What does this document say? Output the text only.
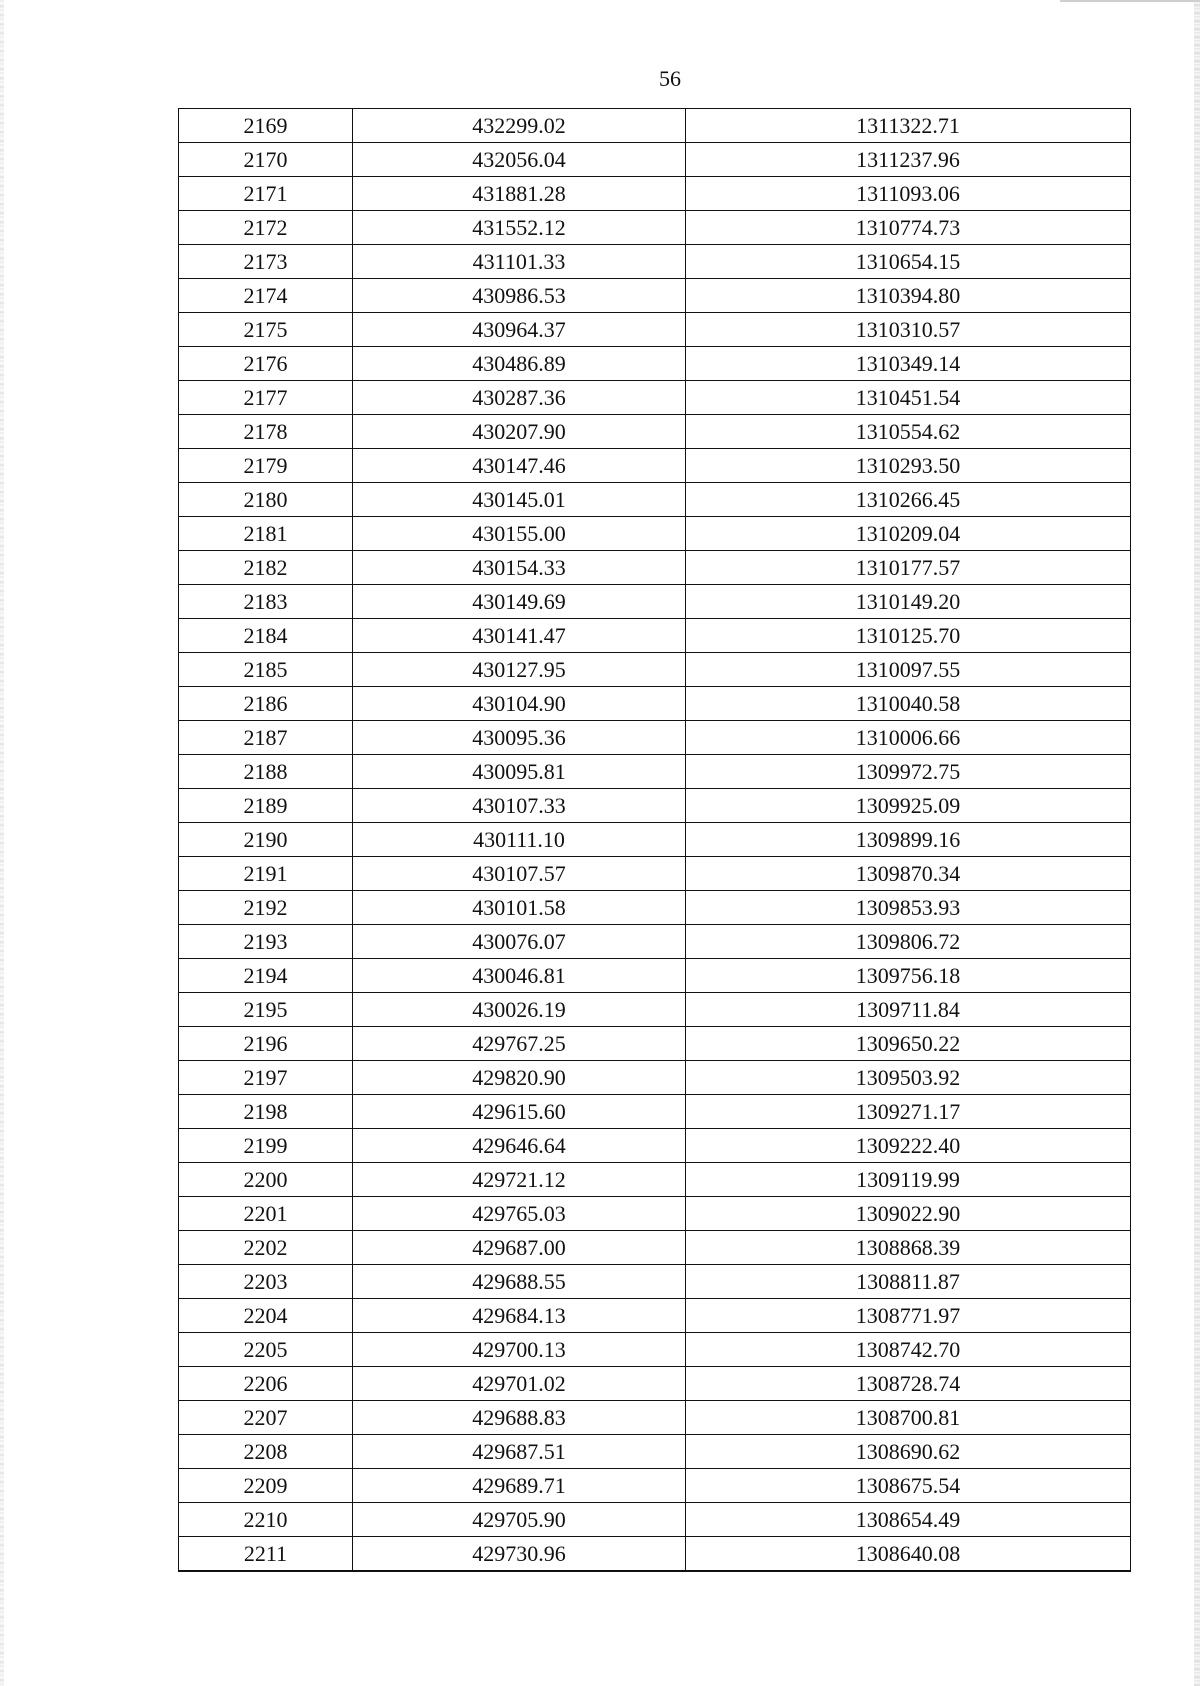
56
2169	432299.02	1311322.71
2170	432056.04	1311237.96
2171	431881.28	1311093.06
2172	431552.12	1310774.73
2173	431101.33	1310654.15
2174	430986.53	1310394.80
2175	430964.37	1310310.57
2176	430486.89	1310349.14
2177	430287.36	1310451.54
2178	430207.90	1310554.62
2179	430147.46	1310293.50
2180	430145.01	1310266.45
2181	430155.00	1310209.04
2182	430154.33	1310177.57
2183	430149.69	1310149.20
2184	430141.47	1310125.70
2185	430127.95	1310097.55
2186	430104.90	1310040.58
2187	430095.36	1310006.66
2188	430095.81	1309972.75
2189	430107.33	1309925.09
2190	430111.10	1309899.16
2191	430107.57	1309870.34
2192	430101.58	1309853.93
2193	430076.07	1309806.72
2194	430046.81	1309756.18
2195	430026.19	1309711.84
2196	429767.25	1309650.22
2197	429820.90	1309503.92
2198	429615.60	1309271.17
2199	429646.64	1309222.40
2200	429721.12	1309119.99
2201	429765.03	1309022.90
2202	429687.00	1308868.39
2203	429688.55	1308811.87
2204	429684.13	1308771.97
2205	429700.13	1308742.70
2206	429701.02	1308728.74
2207	429688.83	1308700.81
2208	429687.51	1308690.62
2209	429689.71	1308675.54
2210	429705.90	1308654.49
2211	429730.96	1308640.08
